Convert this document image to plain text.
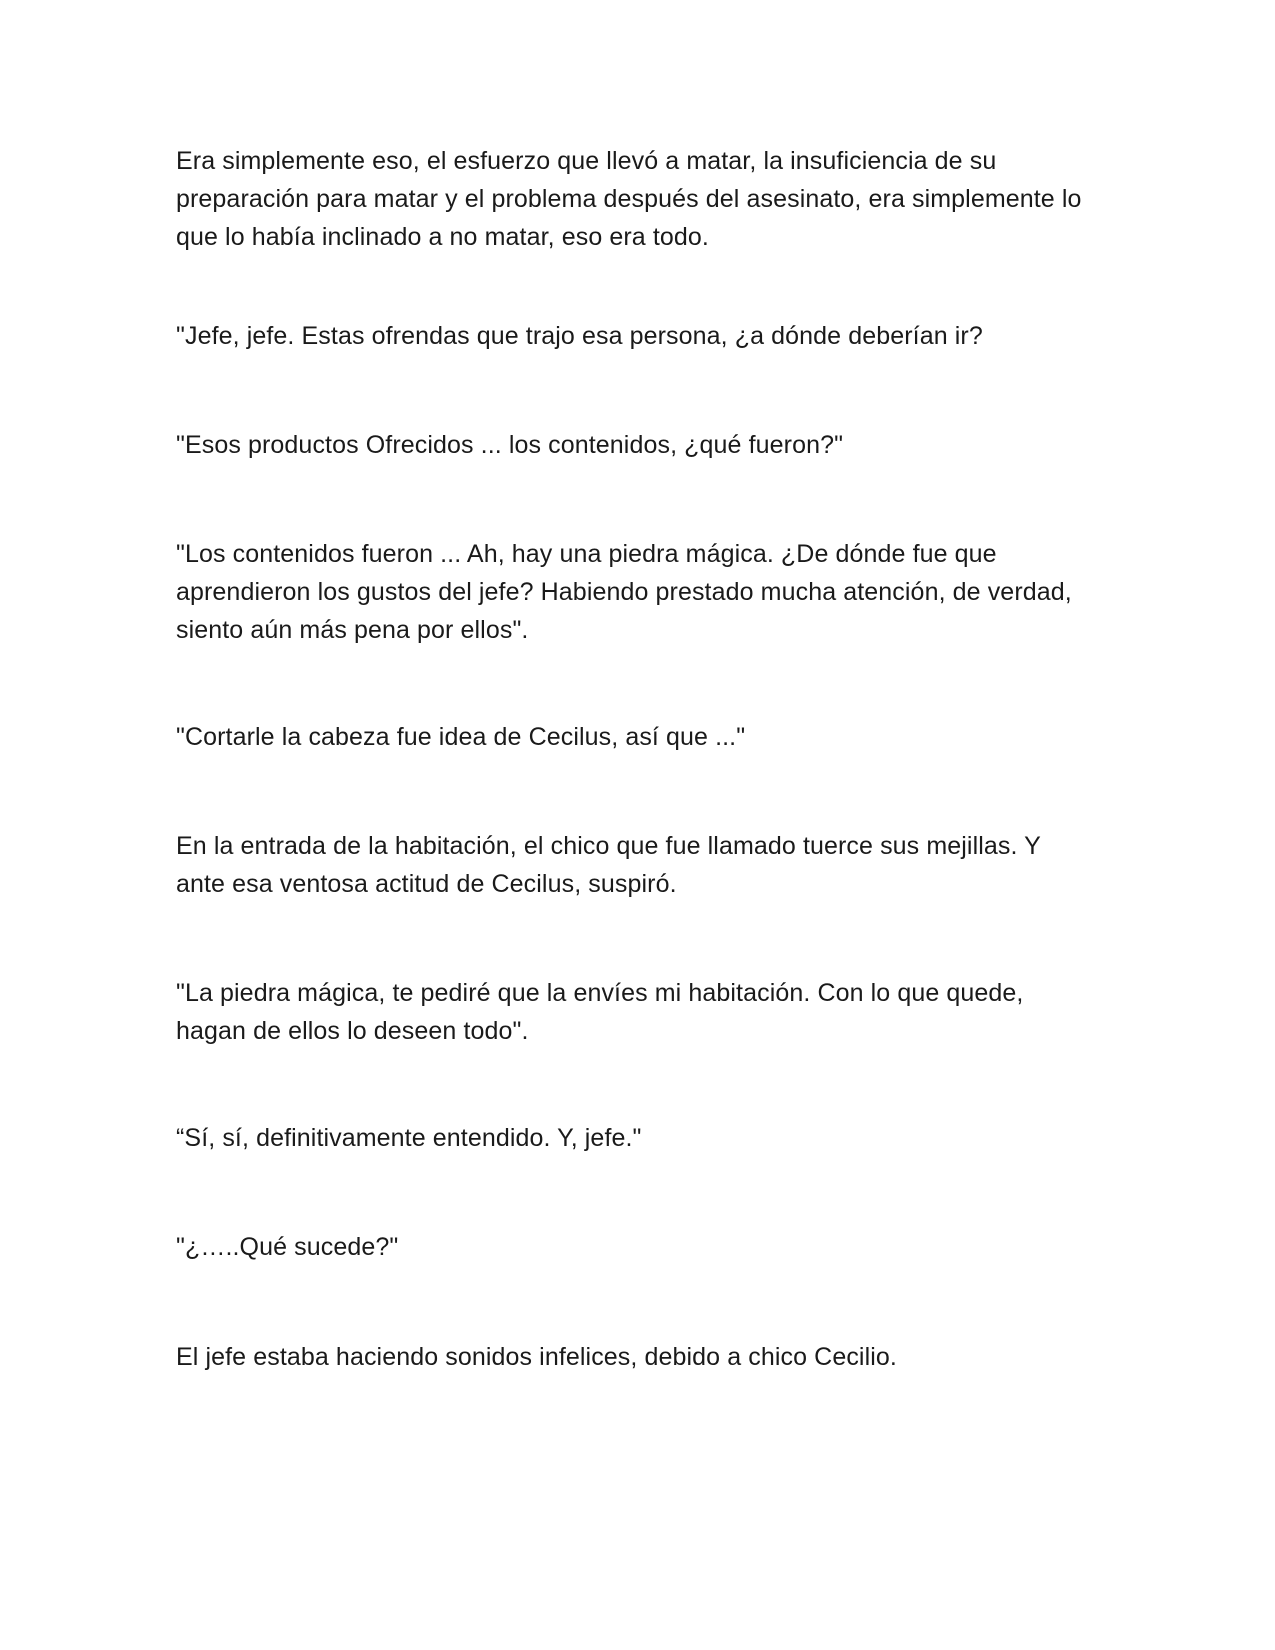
Era simplemente eso, el esfuerzo que llevó a matar, la insuficiencia de su preparación para matar y el problema después del asesinato, era simplemente lo que lo había inclinado a no matar, eso era todo.

"Jefe, jefe. Estas ofrendas que trajo esa persona, ¿a dónde deberían ir?

"Esos productos Ofrecidos ... los contenidos, ¿qué fueron?"

"Los contenidos fueron ... Ah, hay una piedra mágica. ¿De dónde fue que aprendieron los gustos del jefe? Habiendo prestado mucha atención, de verdad, siento aún más pena por ellos".

"Cortarle la cabeza fue idea de Cecilus, así que ..."

En la entrada de la habitación, el chico que fue llamado tuerce sus mejillas. Y ante esa ventosa actitud de Cecilus, suspiró.

"La piedra mágica, te pediré que la envíes mi habitación. Con lo que quede, hagan de ellos lo deseen todo".

“Sí, sí, definitivamente entendido. Y, jefe."

"¿…..Qué sucede?"

El jefe estaba haciendo sonidos infelices, debido a chico Cecilio.
